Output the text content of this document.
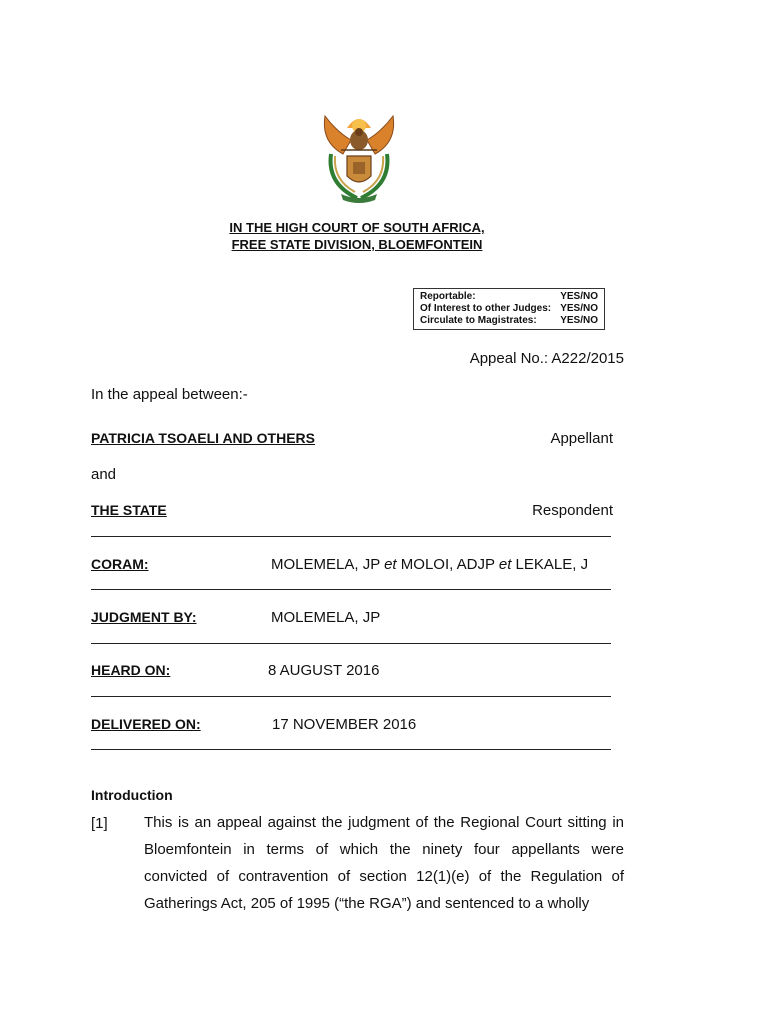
IN THE HIGH COURT OF SOUTH AFRICA,
FREE STATE DIVISION, BLOEMFONTEIN
Reportable:	YES/NO
Of Interest to other Judges: YES/NO
Circulate to Magistrates: YES/NO
Appeal No.: A222/2015
In the appeal between:-
PATRICIA TSOAELI AND OTHERS	Appellant
and
THE STATE	Respondent
CORAM:	MOLEMELA, JP et MOLOI, ADJP et LEKALE, J
JUDGMENT BY:	MOLEMELA, JP
HEARD ON:	8 AUGUST 2016
DELIVERED ON:	17 NOVEMBER 2016
Introduction
[1] This is an appeal against the judgment of the Regional Court sitting in Bloemfontein in terms of which the ninety four appellants were convicted of contravention of section 12(1)(e) of the Regulation of Gatherings Act, 205 of 1995 (“the RGA”) and sentenced to a wholly
